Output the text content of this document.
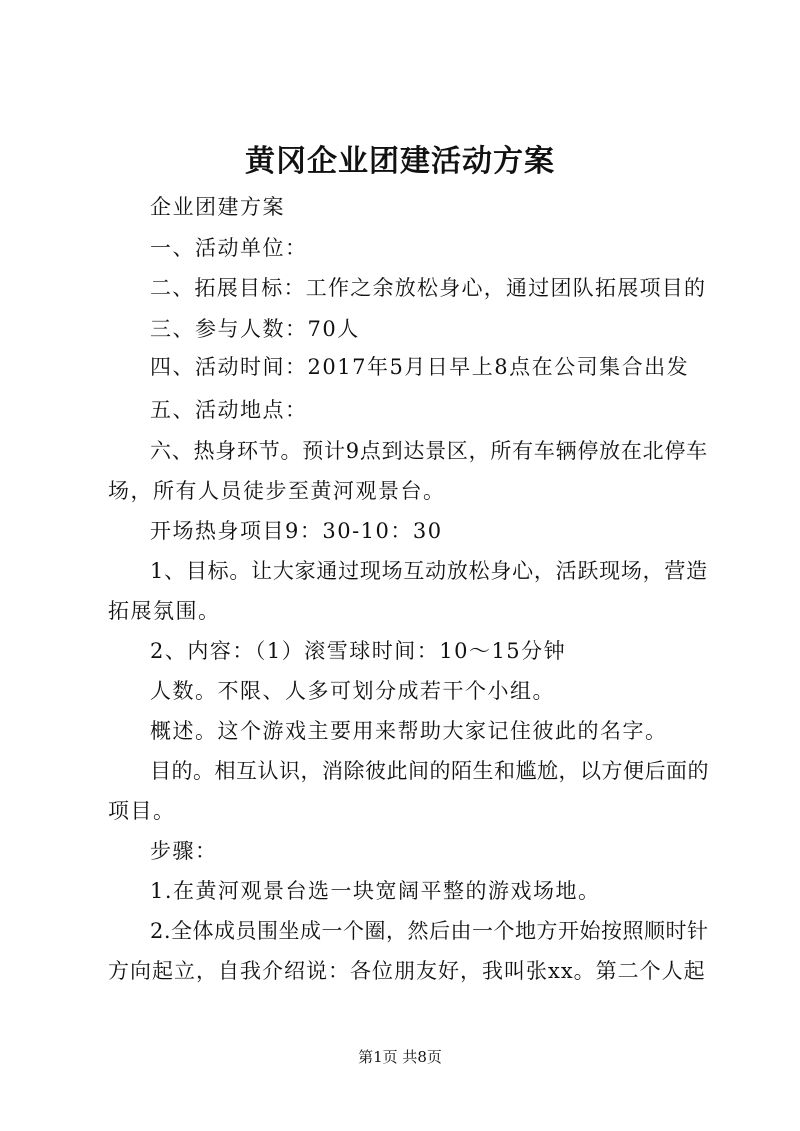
黄冈企业团建活动方案
企业团建方案
一、活动单位：
二、拓展目标：工作之余放松身心，通过团队拓展项目的
三、参与人数：70人
四、活动时间：2017年5月日早上8点在公司集合出发
五、活动地点：
六、热身环节。预计9点到达景区，所有车辆停放在北停车
场，所有人员徒步至黄河观景台。
开场热身项目9：30-10：30
1、目标。让大家通过现场互动放松身心，活跃现场，营造
拓展氛围。
2、内容：（1）滚雪球时间：10～15分钟
人数。不限、人多可划分成若干个小组。
概述。这个游戏主要用来帮助大家记住彼此的名字。
目的。相互认识，消除彼此间的陌生和尴尬，以方便后面的
项目。
步骤：
1.在黄河观景台选一块宽阔平整的游戏场地。
2.全体成员围坐成一个圈，然后由一个地方开始按照顺时针
方向起立，自我介绍说：各位朋友好，我叫张xx。第二个人起
第1页 共8页
